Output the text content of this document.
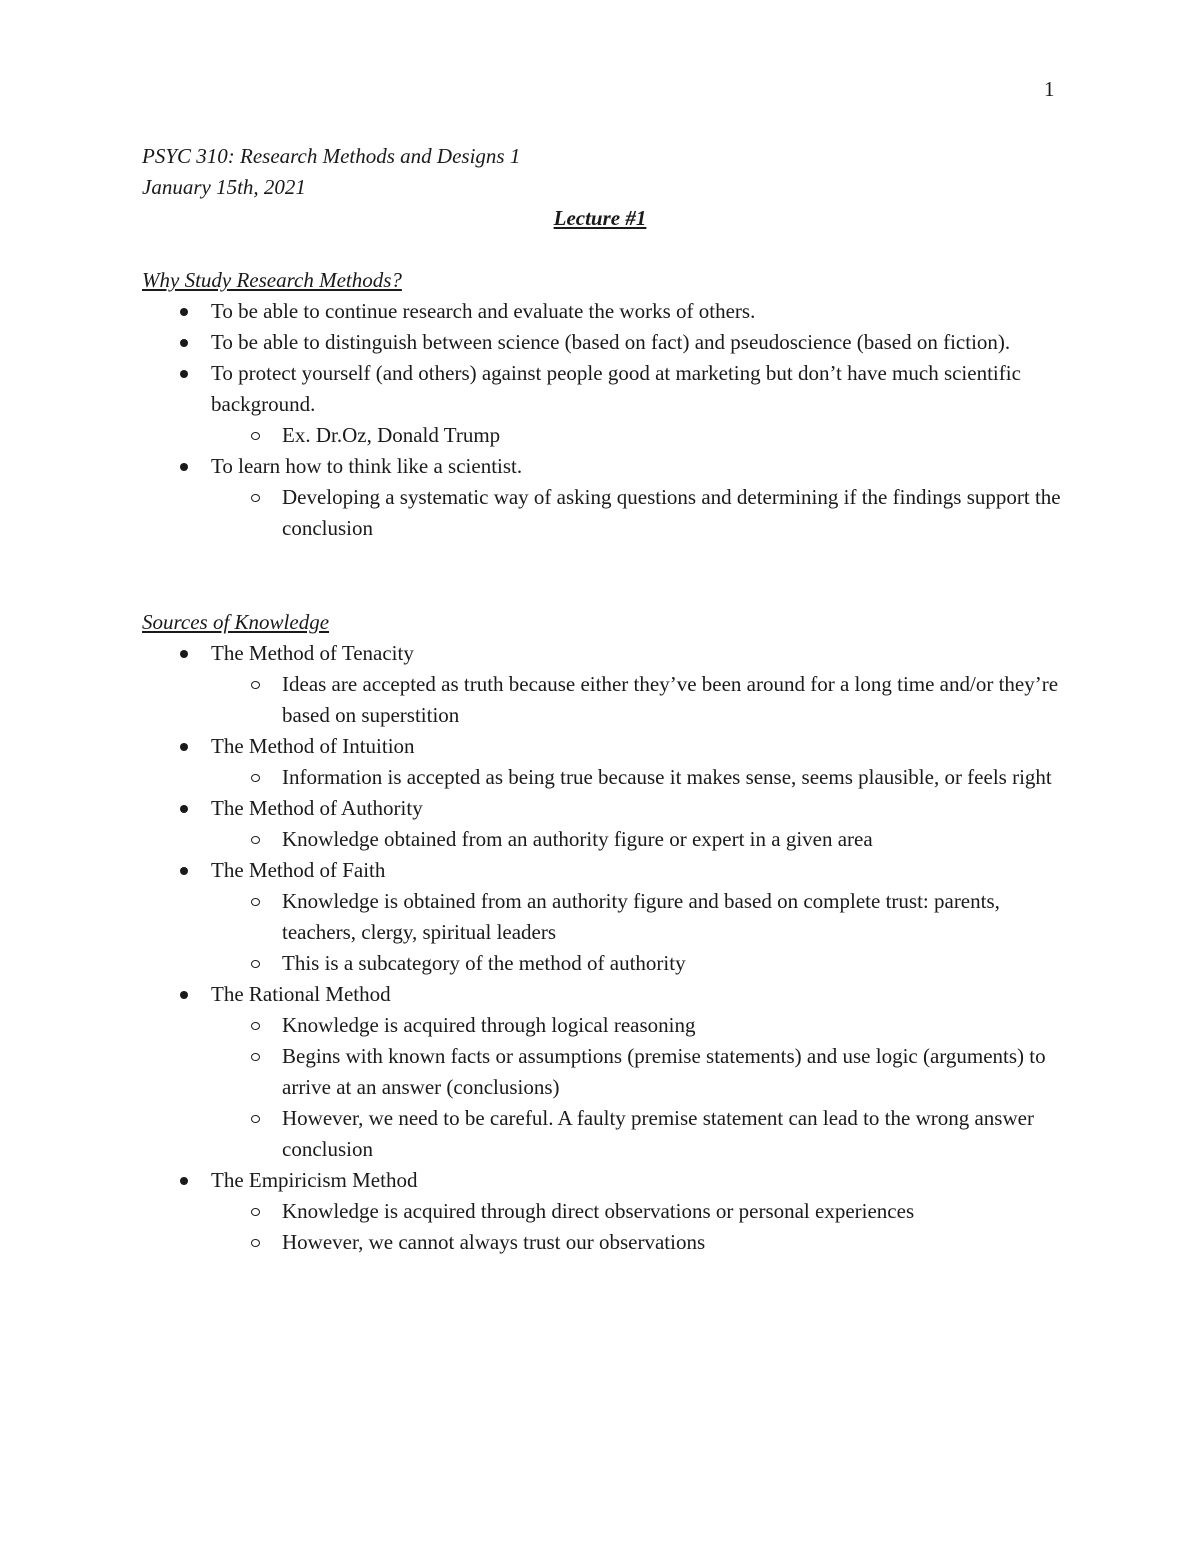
1
PSYC 310: Research Methods and Designs 1
January 15th, 2021
Lecture #1
Why Study Research Methods?
To be able to continue research and evaluate the works of others.
To be able to distinguish between science (based on fact) and pseudoscience (based on fiction).
To protect yourself (and others) against people good at marketing but don’t have much scientific background.
Ex. Dr.Oz, Donald Trump
To learn how to think like a scientist.
Developing a systematic way of asking questions and determining if the findings support the conclusion
Sources of Knowledge
The Method of Tenacity
Ideas are accepted as truth because either they’ve been around for a long time and/or they’re based on superstition
The Method of Intuition
Information is accepted as being true because it makes sense, seems plausible, or feels right
The Method of Authority
Knowledge obtained from an authority figure or expert in a given area
The Method of Faith
Knowledge is obtained from an authority figure and based on complete trust: parents, teachers, clergy, spiritual leaders
This is a subcategory of the method of authority
The Rational Method
Knowledge is acquired through logical reasoning
Begins with known facts or assumptions (premise statements) and use logic (arguments) to arrive at an answer (conclusions)
However, we need to be careful. A faulty premise statement can lead to the wrong answer conclusion
The Empiricism Method
Knowledge is acquired through direct observations or personal experiences
However, we cannot always trust our observations
